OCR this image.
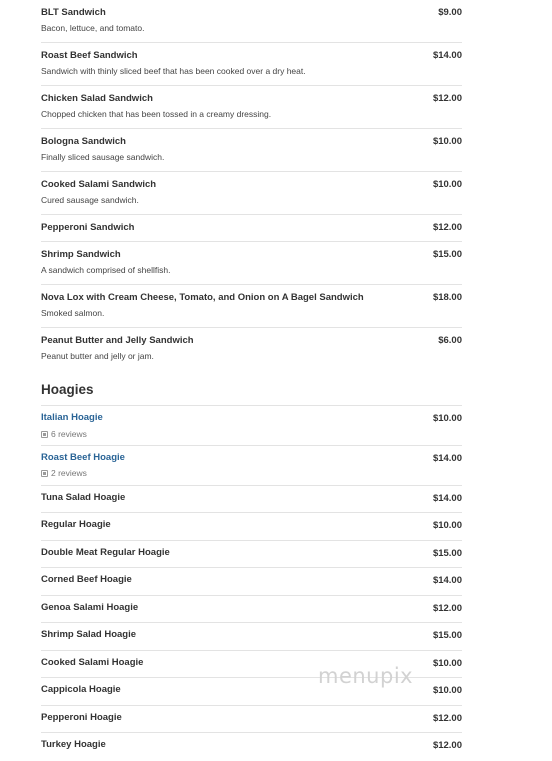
BLT Sandwich	$9.00
Bacon, lettuce, and tomato.
Roast Beef Sandwich	$14.00
Sandwich with thinly sliced beef that has been cooked over a dry heat.
Chicken Salad Sandwich	$12.00
Chopped chicken that has been tossed in a creamy dressing.
Bologna Sandwich	$10.00
Finally sliced sausage sandwich.
Cooked Salami Sandwich	$10.00
Cured sausage sandwich.
Pepperoni Sandwich	$12.00
Shrimp Sandwich	$15.00
A sandwich comprised of shellfish.
Nova Lox with Cream Cheese, Tomato, and Onion on A Bagel Sandwich	$18.00
Smoked salmon.
Peanut Butter and Jelly Sandwich	$6.00
Peanut butter and jelly or jam.
Hoagies
Italian Hoagie	$10.00
6 reviews
Roast Beef Hoagie	$14.00
2 reviews
Tuna Salad Hoagie	$14.00
Regular Hoagie	$10.00
Double Meat Regular Hoagie	$15.00
Corned Beef Hoagie	$14.00
Genoa Salami Hoagie	$12.00
Shrimp Salad Hoagie	$15.00
Cooked Salami Hoagie	$10.00
Cappicola Hoagie	$10.00
Pepperoni Hoagie	$12.00
Turkey Hoagie	$12.00
menupix
